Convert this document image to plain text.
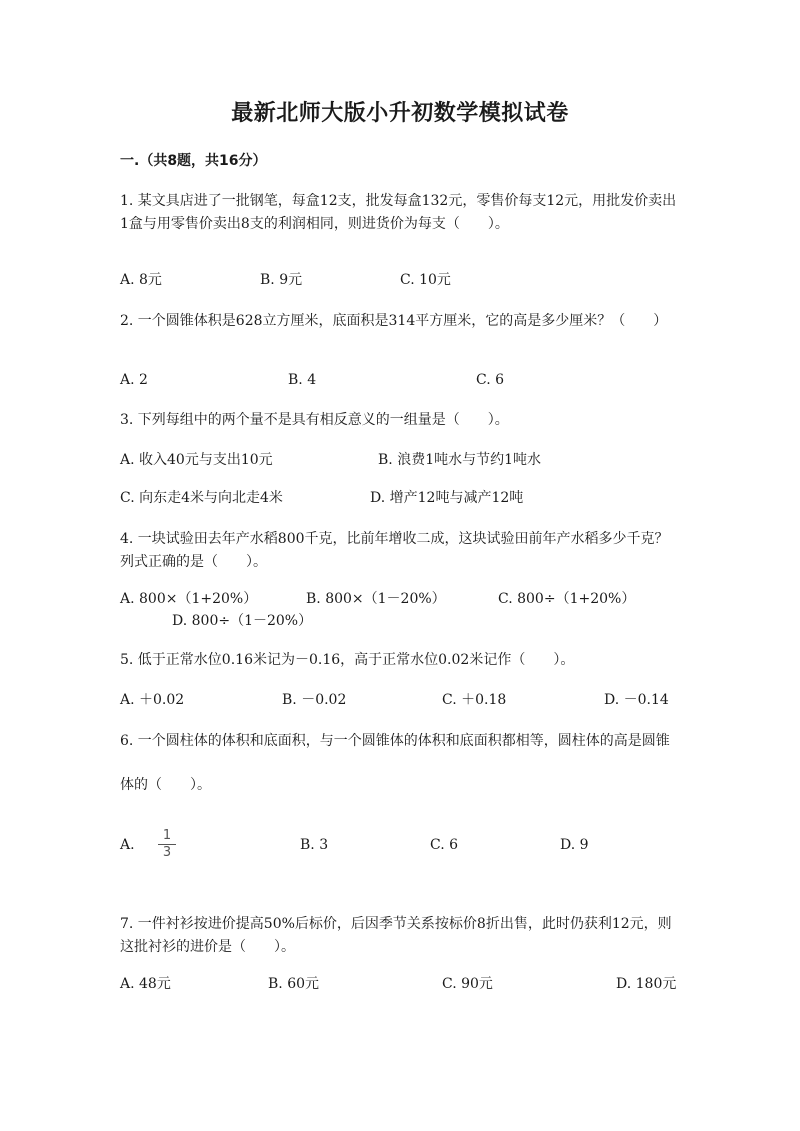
最新北师大版小升初数学模拟试卷
一.（共8题，共16分）
1. 某文具店进了一批钢笔，每盒12支，批发每盒132元，零售价每支12元，用批发价卖出1盒与用零售价卖出8支的利润相同，则进货价为每支（　　）。
A. 8元	B. 9元	C. 10元
2. 一个圆锥体积是628立方厘米，底面积是314平方厘米，它的高是多少厘米？（　　）
A. 2	B. 4	C. 6
3. 下列每组中的两个量不是具有相反意义的一组量是（　　）。
A. 收入40元与支出10元	B. 浪费1吨水与节约1吨水
C. 向东走4米与向北走4米	D. 增产12吨与减产12吨
4. 一块试验田去年产水稻800千克，比前年增收二成，这块试验田前年产水稻多少千克？列式正确的是（　　）。
A. 800×（1+20%）	B. 800×（1－20%）	C. 800÷（1+20%）
D. 800÷（1－20%）
5. 低于正常水位0.16米记为－0.16，高于正常水位0.02米记作（　　）。
A. ＋0.02	B. －0.02	C. ＋0.18	D. －0.14
6. 一个圆柱体的体积和底面积，与一个圆锥体的体积和底面积都相等，圆柱体的高是圆锥体的（　　）。
A.
1
3	B. 3	C. 6	D. 9
7. 一件衬衫按进价提高50%后标价，后因季节关系按标价8折出售，此时仍获利12元，则这批衬衫的进价是（　　）。
A. 48元	B. 60元	C. 90元	D. 180元
